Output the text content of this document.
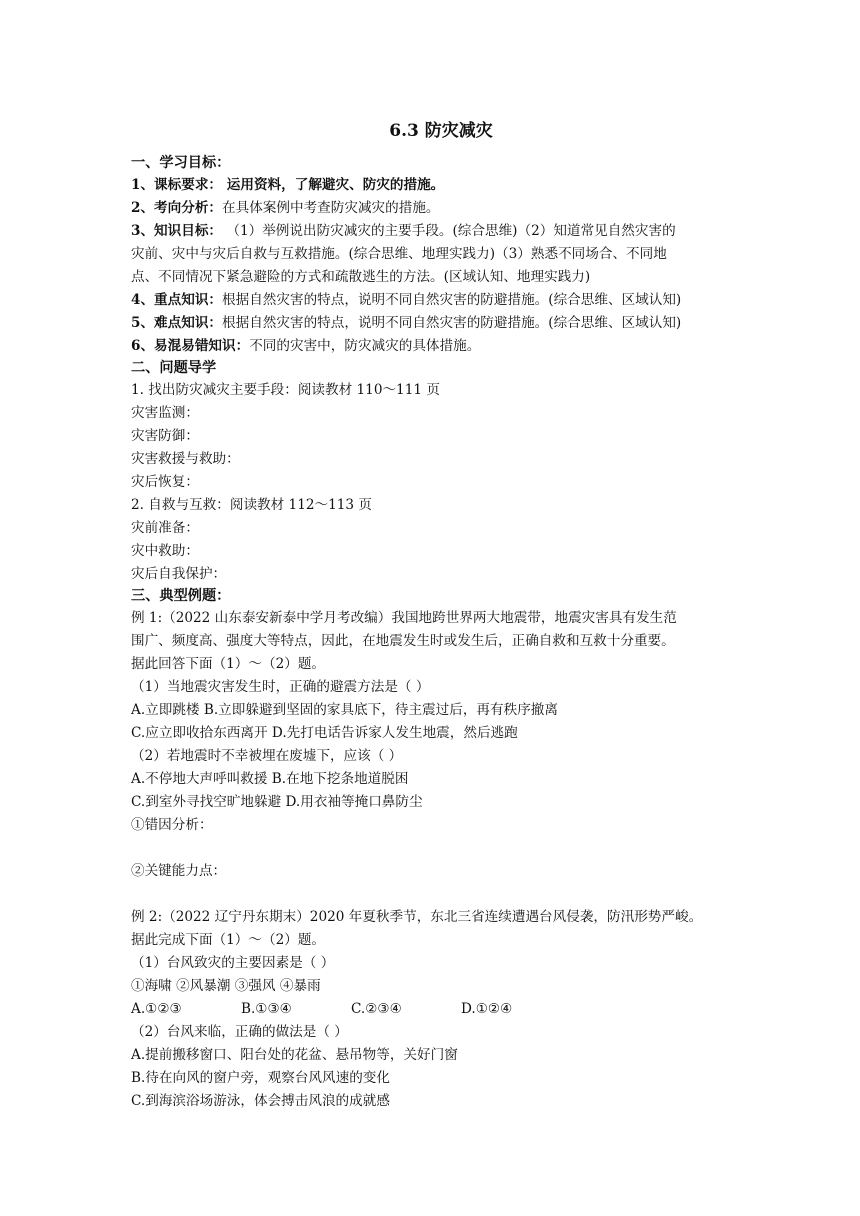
6.3 防灾减灾
一、学习目标：
1、课标要求： 运用资料，了解避灾、防灾的措施。
2、考向分析：在具体案例中考查防灾减灾的措施。
3、知识目标： （1）举例说出防灾减灾的主要手段。(综合思维)（2）知道常见自然灾害的
灾前、灾中与灾后自救与互救措施。(综合思维、地理实践力)（3）熟悉不同场合、不同地
点、不同情况下紧急避险的方式和疏散逃生的方法。(区域认知、地理实践力)
4、重点知识：根据自然灾害的特点，说明不同自然灾害的防避措施。(综合思维、区域认知)
5、难点知识：根据自然灾害的特点，说明不同自然灾害的防避措施。(综合思维、区域认知)
6、易混易错知识：不同的灾害中，防灾减灾的具体措施。
二、问题导学
1. 找出防灾减灾主要手段：阅读教材 110～111 页
灾害监测：
灾害防御：
灾害救援与救助：
灾后恢复：
2. 自救与互救：阅读教材 112～113 页
灾前准备：
灾中救助：
灾后自我保护：
三、典型例题：
例 1:（2022 山东泰安新泰中学月考改编）我国地跨世界两大地震带，地震灾害具有发生范
围广、频度高、强度大等特点，因此，在地震发生时或发生后，正确自救和互救十分重要。
据此回答下面（1）～（2）题。
（1）当地震灾害发生时，正确的避震方法是（ ）
A.立即跳楼 B.立即躲避到坚固的家具底下，待主震过后，再有秩序撤离
C.应立即收拾东西离开 D.先打电话告诉家人发生地震，然后逃跑
（2）若地震时不幸被埋在废墟下，应该（ ）
A.不停地大声呼叫救援 B.在地下挖条地道脱困
C.到室外寻找空旷地躲避 D.用衣袖等掩口鼻防尘
①错因分析：
②关键能力点：
例 2:（2022 辽宁丹东期末）2020 年夏秋季节，东北三省连续遭遇台风侵袭，防汛形势严峻。
据此完成下面（1）～（2）题。
（1）台风致灾的主要因素是（ ）
①海啸 ②风暴潮 ③强风 ④暴雨
A.①②③	B.①③④	C.②③④	D.①②④
（2）台风来临，正确的做法是（ ）
A.提前搬移窗口、阳台处的花盆、悬吊物等，关好门窗
B.待在向风的窗户旁，观察台风风速的变化
C.到海滨浴场游泳，体会搏击风浪的成就感
